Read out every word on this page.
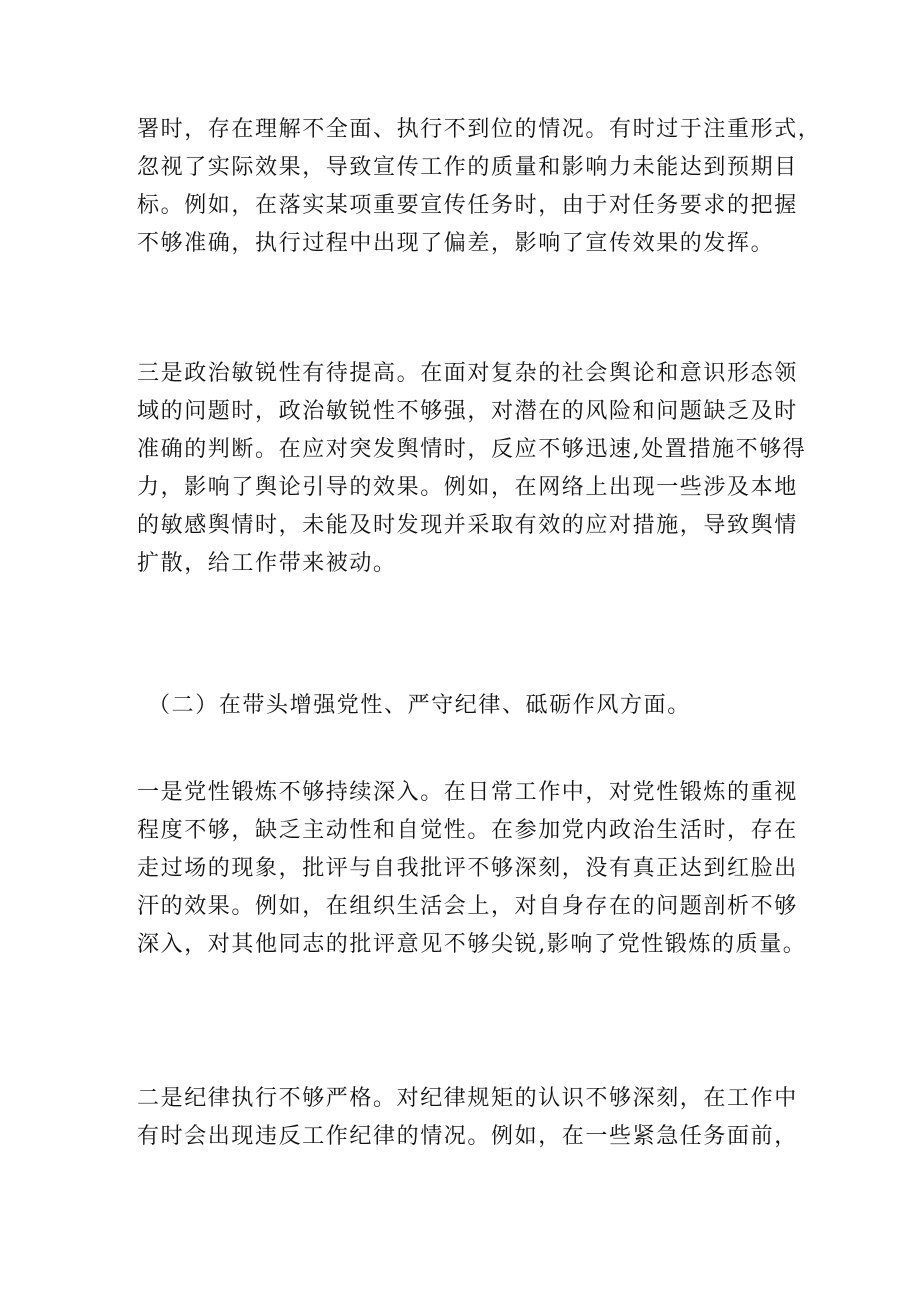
署时，存在理解不全面、执行不到位的情况。有时过于注重形式，
忽视了实际效果，导致宣传工作的质量和影响力未能达到预期目
标。例如，在落实某项重要宣传任务时，由于对任务要求的把握
不够准确，执行过程中出现了偏差，影响了宣传效果的发挥。
三是政治敏锐性有待提高。在面对复杂的社会舆论和意识形态领
域的问题时，政治敏锐性不够强，对潜在的风险和问题缺乏及时
准确的判断。在应对突发舆情时，反应不够迅速,处置措施不够得
力，影响了舆论引导的效果。例如，在网络上出现一些涉及本地
的敏感舆情时，未能及时发现并采取有效的应对措施，导致舆情
扩散，给工作带来被动。
（二）在带头增强党性、严守纪律、砥砺作风方面。
一是党性锻炼不够持续深入。在日常工作中，对党性锻炼的重视
程度不够，缺乏主动性和自觉性。在参加党内政治生活时，存在
走过场的现象，批评与自我批评不够深刻，没有真正达到红脸出
汗的效果。例如，在组织生活会上，对自身存在的问题剖析不够
深入，对其他同志的批评意见不够尖锐,影响了党性锻炼的质量。
二是纪律执行不够严格。对纪律规矩的认识不够深刻，在工作中
有时会出现违反工作纪律的情况。例如，在一些紧急任务面前，
